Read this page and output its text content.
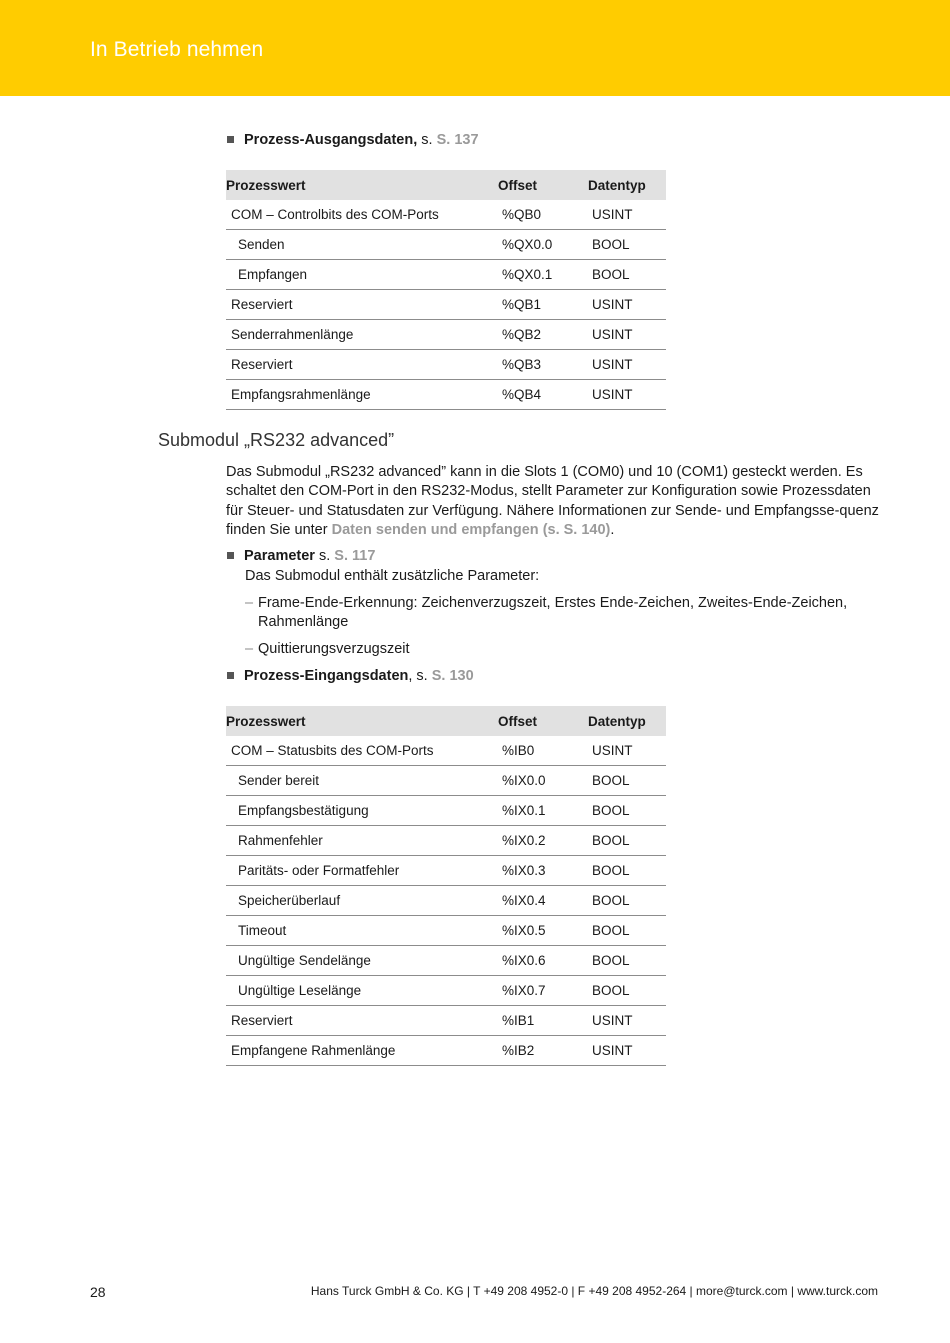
In Betrieb nehmen
Prozess-Ausgangsdaten, s. S. 137
Prozesswert	Offset	Datentyp
COM – Controlbits des COM-Ports	%QB0	USINT
Senden	%QX0.0	BOOL
Empfangen	%QX0.1	BOOL
Reserviert	%QB1	USINT
Senderrahmenlänge	%QB2	USINT
Reserviert	%QB3	USINT
Empfangsrahmenlänge	%QB4	USINT
Submodul „RS232 advanced”
Das Submodul „RS232 advanced” kann in die Slots 1 (COM0) und 10 (COM1) gesteckt werden. Es schaltet den COM-Port in den RS232-Modus, stellt Parameter zur Konfiguration sowie Prozessdaten für Steuer- und Statusdaten zur Verfügung. Nähere Informationen zur Sende- und Empfangsse-quenz finden Sie unter Daten senden und empfangen (s. S. 140).
Parameter s. S. 117
Das Submodul enthält zusätzliche Parameter:
– Frame-Ende-Erkennung: Zeichenverzugszeit, Erstes Ende-Zeichen, Zweites-Ende-Zeichen, Rahmenlänge
– Quittierungsverzugszeit
Prozess-Eingangsdaten, s. S. 130
Prozesswert	Offset	Datentyp
COM – Statusbits des COM-Ports	%IB0	USINT
Sender bereit	%IX0.0	BOOL
Empfangsbestätigung	%IX0.1	BOOL
Rahmenfehler	%IX0.2	BOOL
Paritäts- oder Formatfehler	%IX0.3	BOOL
Speicherüberlauf	%IX0.4	BOOL
Timeout	%IX0.5	BOOL
Ungültige Sendelänge	%IX0.6	BOOL
Ungültige Leselänge	%IX0.7	BOOL
Reserviert	%IB1	USINT
Empfangene Rahmenlänge	%IB2	USINT
28	Hans Turck GmbH & Co. KG | T +49 208 4952-0 | F +49 208 4952-264 | more@turck.com | www.turck.com
